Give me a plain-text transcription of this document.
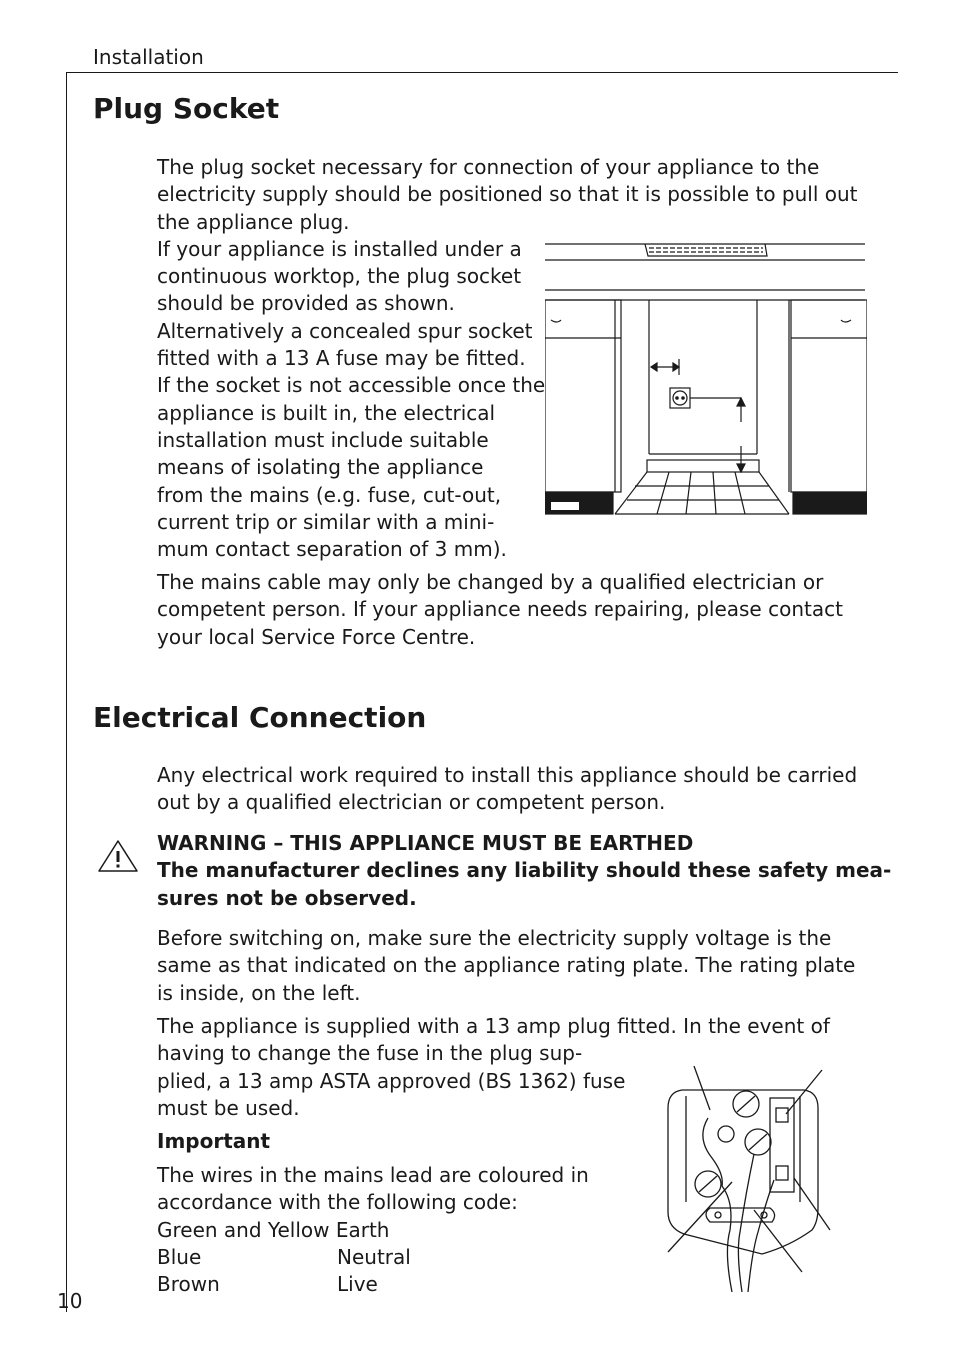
Installation
Plug Socket
The plug socket necessary for connection of your appliance to the
electricity supply should be positioned so that it is possible to pull out
the appliance plug.
If your appliance is installed under a
continuous worktop, the plug socket
should be provided as shown.
Alternatively a concealed spur socket
fitted with a 13 A fuse may be fitted.
If the socket is not accessible once the
appliance is built in, the electrical
installation must include suitable
means of isolating the appliance
from the mains (e.g. fuse, cut-out,
current trip or similar with a mini-
mum contact separation of 3 mm).
The mains cable may only be changed by a qualified electrician or
competent person. If your appliance needs repairing, please contact
your local Service Force Centre.
Electrical Connection
Any electrical work required to install this appliance should be carried
out by a qualified electrician or competent person.
WARNING – THIS APPLIANCE MUST BE EARTHED
The manufacturer declines any liability should these safety mea-
sures not be observed.
Before switching on, make sure the electricity supply voltage is the
same as that indicated on the appliance rating plate. The rating plate
is inside, on the left.
The appliance is supplied with a 13 amp plug fitted. In the event of
having to change the fuse in the plug sup-
plied, a 13 amp ASTA approved (BS 1362) fuse
must be used.
Important
The wires in the mains lead are coloured in
accordance with the following code:
Green and Yellow
Earth
Blue	Neutral
Brown	Live
10
